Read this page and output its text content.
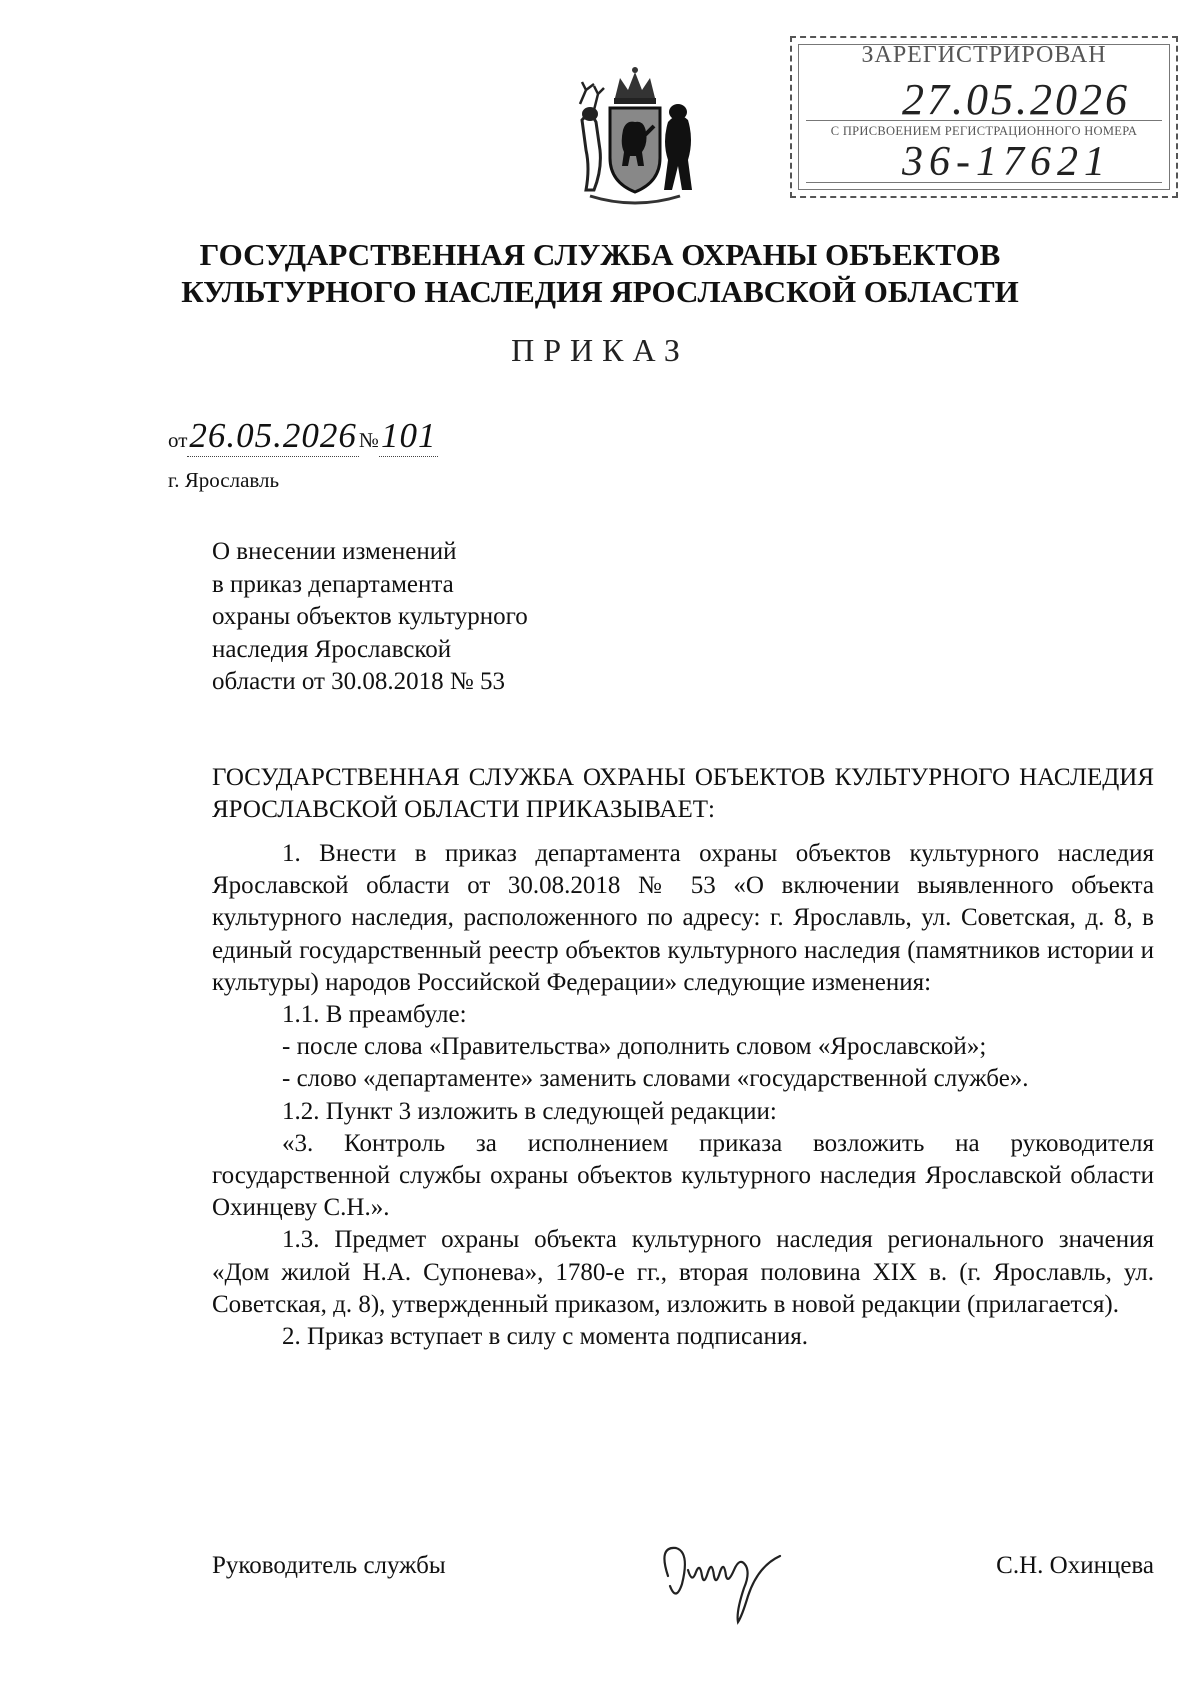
ЗАРЕГИСТРИРОВАН
27.05.2026
С ПРИСВОЕНИЕМ РЕГИСТРАЦИОННОГО НОМЕРА
36-17621
ГОСУДАРСТВЕННАЯ СЛУЖБА ОХРАНЫ ОБЪЕКТОВ
КУЛЬТУРНОГО НАСЛЕДИЯ ЯРОСЛАВСКОЙ ОБЛАСТИ
ПРИКАЗ
от26.05.2026№101
г. Ярославль
О внесении изменений
в приказ департамента
охраны объектов культурного
наследия Ярославской
области от 30.08.2018 № 53
ГОСУДАРСТВЕННАЯ СЛУЖБА ОХРАНЫ ОБЪЕКТОВ КУЛЬТУРНОГО НАСЛЕДИЯ ЯРОСЛАВСКОЙ ОБЛАСТИ ПРИКАЗЫВАЕТ:

1. Внести в приказ департамента охраны объектов культурного наследия Ярославской области от 30.08.2018 № 53 «О включении выявленного объекта культурного наследия, расположенного по адресу: г. Ярославль, ул. Советская, д. 8, в единый государственный реестр объектов культурного наследия (памятников истории и культуры) народов Российской Федерации» следующие изменения:

1.1. В преамбуле:

- после слова «Правительства» дополнить словом «Ярославской»;

- слово «департаменте» заменить словами «государственной службе».

1.2. Пункт 3 изложить в следующей редакции:

«3. Контроль за исполнением приказа возложить на руководителя государственной службы охраны объектов культурного наследия Ярославской области Охинцеву С.Н.».

1.3. Предмет охраны объекта культурного наследия регионального значения «Дом жилой Н.А. Супонева», 1780-е гг., вторая половина XIX в. (г. Ярославль, ул. Советская, д. 8), утвержденный приказом, изложить в новой редакции (прилагается).

2. Приказ вступает в силу с момента подписания.

Руководитель службы	С.Н. Охинцева
